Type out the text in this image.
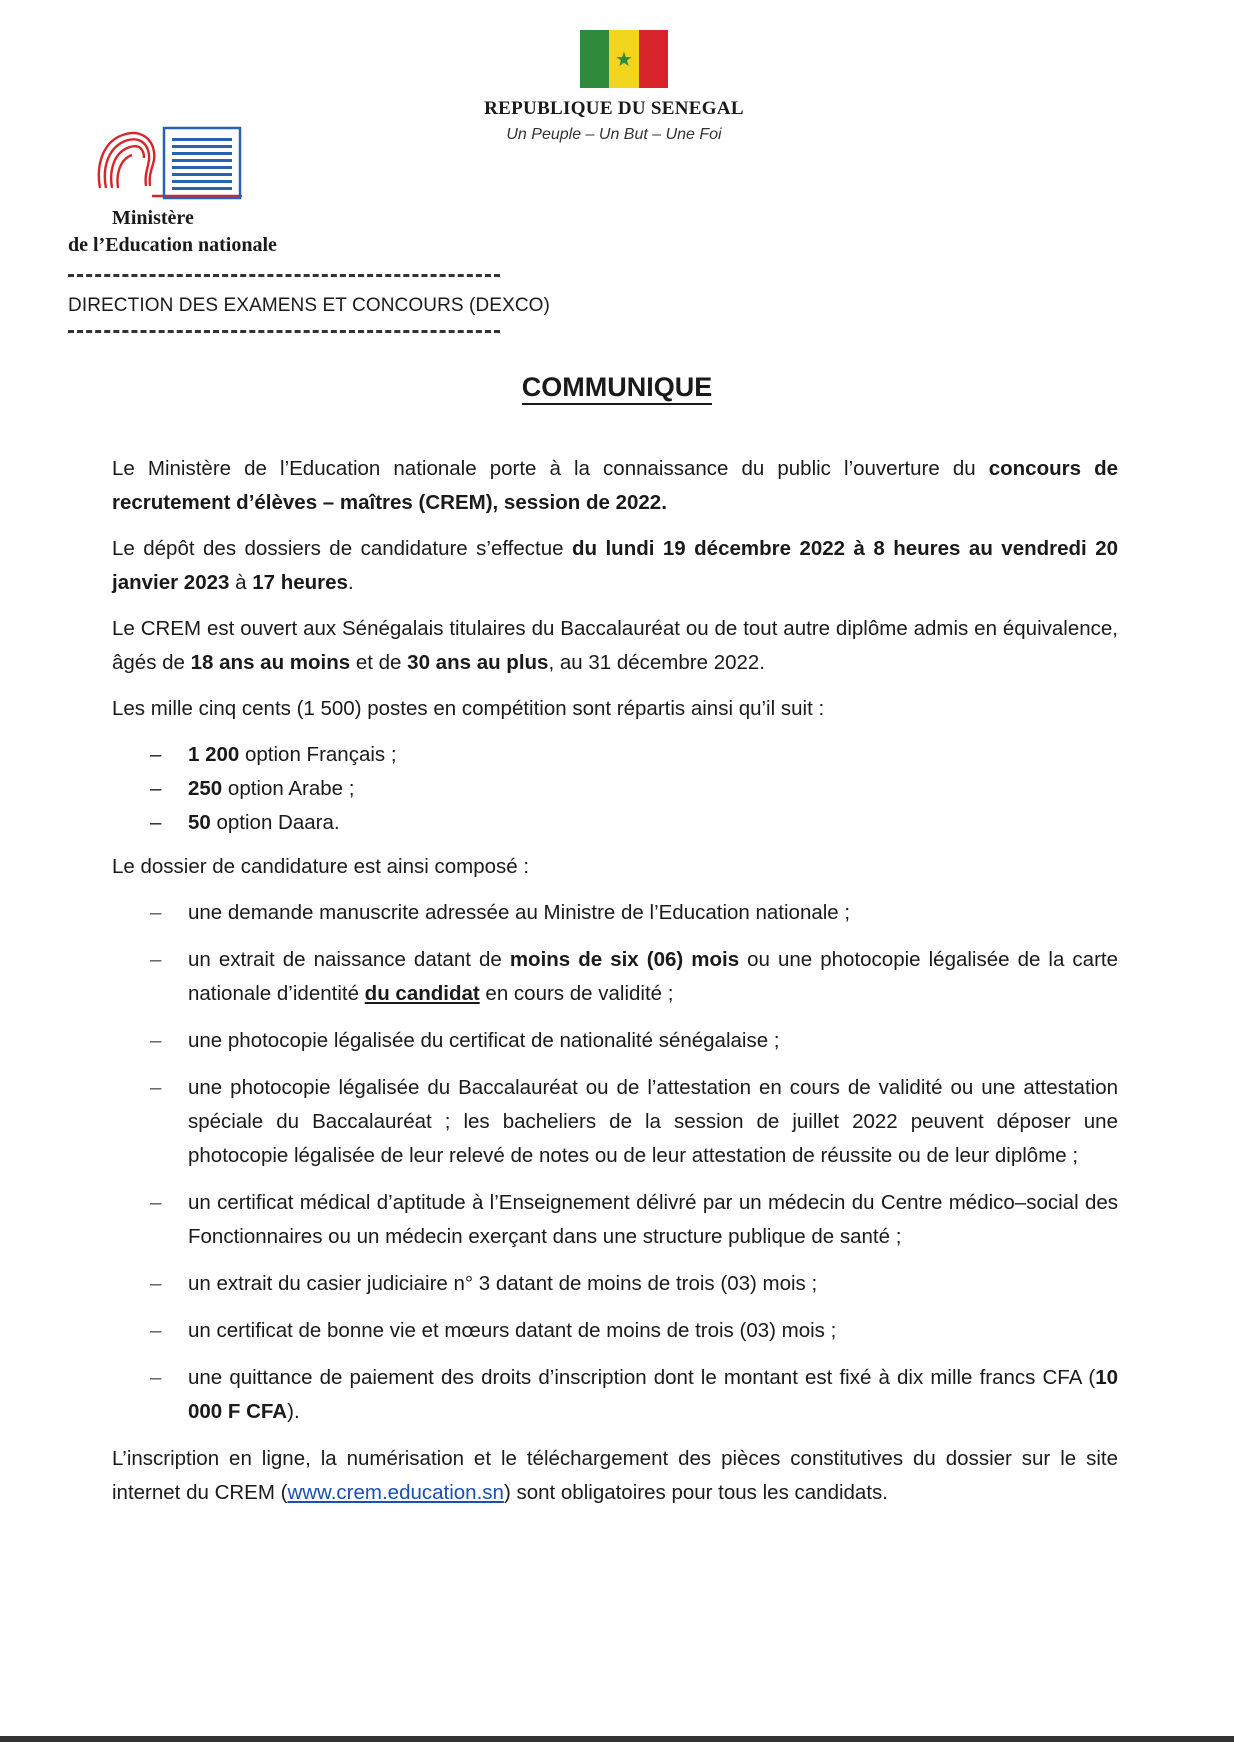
★
REPUBLIQUE DU SENEGAL
Un Peuple – Un But – Une Foi
Ministère
de l’Education nationale
DIRECTION DES EXAMENS ET CONCOURS (DEXCO)
COMMUNIQUE

Le Ministère de l’Education nationale porte à la connaissance du public l’ouverture du concours de recrutement d’élèves – maîtres (CREM), session de 2022.

Le dépôt des dossiers de candidature s’effectue du lundi 19 décembre 2022 à 8 heures au vendredi 20 janvier 2023 à 17 heures.

Le CREM est ouvert aux Sénégalais titulaires du Baccalauréat ou de tout autre diplôme admis en équivalence, âgés de 18 ans au moins et de 30 ans au plus, au 31 décembre 2022.

Les mille cinq cents (1 500) postes en compétition sont répartis ainsi qu’il suit :

– 1 200 option Français ;
– 250 option Arabe ;
– 50 option Daara.

Le dossier de candidature est ainsi composé :

– une demande manuscrite adressée au Ministre de l’Education nationale ;
– un extrait de naissance datant de moins de six (06) mois ou une photocopie légalisée de la carte nationale d’identité du candidat en cours de validité ;
– une photocopie légalisée du certificat de nationalité sénégalaise ;
– une photocopie légalisée du Baccalauréat ou de l’attestation en cours de validité ou une attestation spéciale du Baccalauréat ; les bacheliers de la session de juillet 2022 peuvent déposer une photocopie légalisée de leur relevé de notes ou de leur attestation de réussite ou de leur diplôme ;
– un certificat médical d’aptitude à l’Enseignement délivré par un médecin du Centre médico–social des Fonctionnaires ou un médecin exerçant dans une structure publique de santé ;
– un extrait du casier judiciaire n° 3 datant de moins de trois (03) mois ;
– un certificat de bonne vie et mœurs datant de moins de trois (03) mois ;
– une quittance de paiement des droits d’inscription dont le montant est fixé à dix mille francs CFA (10 000 F CFA).

L’inscription en ligne, la numérisation et le téléchargement des pièces constitutives du dossier sur le site internet du CREM (www.crem.education.sn) sont obligatoires pour tous les candidats.
